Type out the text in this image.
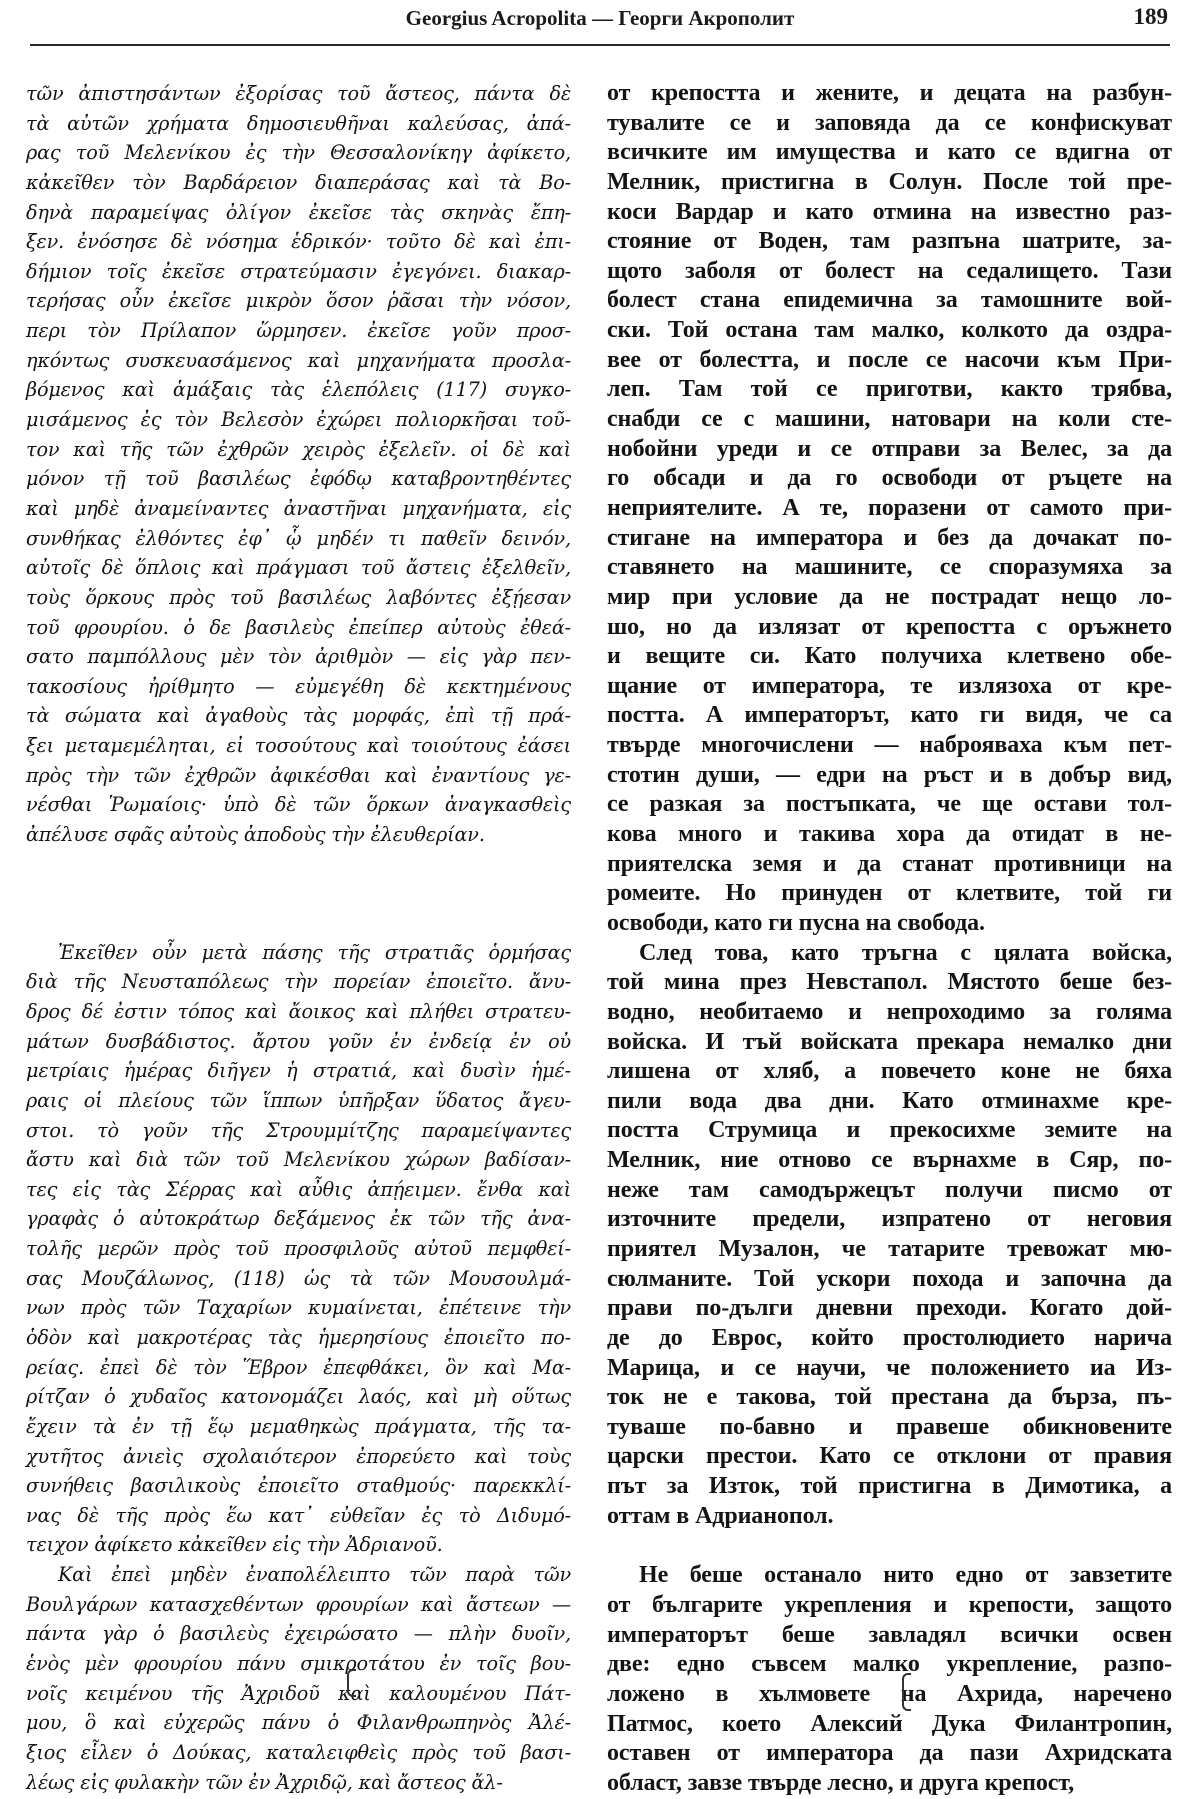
Georgius Acropolita — Георги Акрополит	189
τῶν ἀπιστησάντων ἐξορίσας τοῦ ἄστεος, πάντα δὲ
τὰ αὐτῶν χρήματα δημοσιευθῆναι καλεύσας, ἀπά-
ρας τοῦ Μελενίκου ἐς τὴν Θεσσαλονίκηγ ἀφίκετο,
κἀκεῖθεν τὸν Βαρδάρειον διαπεράσας καὶ τὰ Βο-
δηνὰ παραμείψας ὀλίγον ἐκεῖσε τὰς σκηνὰς ἔπη-
ξεν. ἐνόσησε δὲ νόσημα ἑδρικόν· τοῦτο δὲ καὶ ἐπι-
δήμιον τοῖς ἐκεῖσε στρατεύμασιν ἐγεγόνει. διακαρ-
τερήσας οὖν ἐκεῖσε μικρὸν ὅσον ῥᾶσαι τὴν νόσον,
περι τὸν Πρίλαπον ὥρμησεν. ἐκεῖσε γοῦν προσ-
ηκόντως συσκευασάμενος καὶ μηχανήματα προσλα-
βόμενος καὶ ἁμάξαις τὰς ἑλεπόλεις (117) συγκο-
μισάμενος ἐς τὸν Βελεσὸν ἐχώρει πολιορκῆσαι τοῦ-
τον καὶ τῆς τῶν ἐχθρῶν χειρὸς ἐξελεῖν. οἱ δὲ καὶ
μόνον τῇ τοῦ βασιλέως ἐφόδῳ καταβροντηθέντες
καὶ μηδὲ ἀναμείναντες ἀναστῆναι μηχανήματα, εἰς
συνθήκας ἐλθόντες ἐφ᾿ ᾧ μηδέν τι παθεῖν δεινόν,
αὐτοῖς δὲ ὅπλοις καὶ πράγμασι τοῦ ἄστεις ἐξελθεῖν,
τοὺς ὅρκους πρὸς τοῦ βασιλέως λαβόντες ἐξῄεσαν
τοῦ φρουρίου. ὁ δε βασιλεὺς ἐπείπερ αὐτοὺς ἐθεά-
σατο παμπόλλους μὲν τὸν ἀριθμὸν — εἰς γὰρ πεν-
τακοσίους ἠρίθμητο — εὐμεγέθη δὲ κεκτημένους
τὰ σώματα καὶ ἀγαθοὺς τὰς μορφάς, ἐπὶ τῇ πρά-
ξει μεταμεμέληται, εἰ τοσούτους καὶ τοιούτους ἐάσει
πρὸς τὴν τῶν ἐχθρῶν ἀφικέσθαι καὶ ἐναντίους γε-
νέσθαι Ῥωμαίοις· ὑπὸ δὲ τῶν ὅρκων ἀναγκασθεὶς
ἀπέλυσε σφᾶς αὐτοὺς ἀποδοὺς τὴν ἐλευθερίαν.
Ἐκεῖθεν οὖν μετὰ πάσης τῆς στρατιᾶς ὁρμήσας
διὰ τῆς Νευσταπόλεως τὴν πορείαν ἐποιεῖτο. ἄνυ-
δρος δέ ἐστιν τόπος καὶ ἄοικος καὶ πλήθει στρατευ-
μάτων δυσβάδιστος. ἄρτου γοῦν ἐν ἐνδείᾳ ἐν οὐ
μετρίαις ἡμέρας διῆγεν ἡ στρατιά, καὶ δυσὶν ἡμέ-
ραις οἱ πλείους τῶν ἵππων ὑπῆρξαν ὕδατος ἄγευ-
στοι. τὸ γοῦν τῆς Στρουμμίτζης παραμείψαντες
ἄστυ καὶ διὰ τῶν τοῦ Μελενίκου χώρων βαδίσαν-
τες εἰς τὰς Σέρρας καὶ αὖθις ἀπῄειμεν. ἔνθα καὶ
γραφὰς ὁ αὐτοκράτωρ δεξάμενος ἐκ τῶν τῆς ἀνα-
τολῆς μερῶν πρὸς τοῦ προσφιλοῦς αὐτοῦ πεμφθεί-
σας Μουζάλωνος, (118) ὡς τὰ τῶν Μουσουλμά-
νων πρὸς τῶν Ταχαρίων κυμαίνεται, ἐπέτεινε τὴν
ὁδὸν καὶ μακροτέρας τὰς ἡμερησίους ἐποιεῖτο πο-
ρείας. ἐπεὶ δὲ τὸν Ἕβρον ἐπεφθάκει, ὃν καὶ Μα-
ρίτζαν ὁ χυδαῖος κατονομάζει λαός, καὶ μὴ οὕτως
ἔχειν τὰ ἐν τῇ ἕῳ μεμαθηκὼς πράγματα, τῆς τα-
χυτῆτος ἀνιεὶς σχολαιότερον ἐπορεύετο καὶ τοὺς
συνήθεις βασιλικοὺς ἐποιεῖτο σταθμούς· παρεκκλί-
νας δὲ τῆς πρὸς ἕω κατ᾿ εὐθεῖαν ἐς τὸ Διδυμό-
τειχον ἀφίκετο κἀκεῖθεν εἰς τὴν Ἀδριανοῦ.
Καὶ ἐπεὶ μηδὲν ἐναπολέλειπτο τῶν παρὰ τῶν
Βουλγάρων κατασχεθέντων φρουρίων καὶ ἄστεων —
πάντα γὰρ ὁ βασιλεὺς ἐχειρώσατο — πλὴν δυοῖν,
ἑνὸς μὲν φρουρίου πάνυ σμικροτάτου ἐν τοῖς βου-
νοῖς κειμένου τῆς Ἀχριδοῦ καὶ καλουμένου Πάτ-
μου, ὃ καὶ εὐχερῶς πάνυ ὁ Φιλανθρωπηνὸς Ἀλέ-
ξιος εἷλεν ὁ Δούκας, καταλειφθεὶς πρὸς τοῦ βασι-
λέως εἰς φυλακὴν τῶν ἐν Ἀχριδῷ, καὶ ἄστεος ἄλ-
от крепостта и жените, и децата на разбун-
тувалите се и заповяда да се конфискуват
всичките им имущества и като се вдигна от
Мелник, пристигна в Солун. После той пре-
коси Вардар и като отмина на известно раз-
стояние от Воден, там разпъна шатрите, за-
щото заболя от болест на седалището. Тази
болест стана епидемична за тамошните вой-
ски. Той остана там малко, колкото да оздра-
вее от болестта, и после се насочи към При-
леп. Там той се приготви, както трябва,
снабди се с машини, натовари на коли сте-
нобойни уреди и се отправи за Велес, за да
го обсади и да го освободи от ръцете на
неприятелите. А те, поразени от самото при-
стигане на императора и без да дочакат по-
ставянето на машините, се споразумяха за
мир при условие да не пострадат нещо ло-
шо, но да излязат от крепостта с оръжнето
и вещите си. Като получиха клетвено обе-
щание от императора, те излязоха от кре-
постта. А императорът, като ги видя, че са
твърде многочислени — наброяваха към пет-
стотин души, — едри на ръст и в добър вид,
се разкая за постъпката, че ще остави тол-
кова много и такива хора да отидат в не-
приятелска земя и да станат противници на
ромеите. Но принуден от клетвите, той ги
освободи, като ги пусна на свобода.
След това, като тръгна с цялата войска,
той мина през Невстапол. Мястото беше без-
водно, необитаемо и непроходимо за голяма
войска. И тъй войската прекара немалко дни
лишена от хляб, а повечето коне не бяха
пили вода два дни. Като отминахме кре-
постта Струмица и прекосихме земите на
Мелник, ние отново се върнахме в Сяр, по-
неже там самодържецът получи писмо от
източните предели, изпратено от неговия
приятел Музалон, че татарите тревожат мю-
сюлманите. Той ускори похода и започна да
прави по-дълги дневни преходи. Когато дой-
де до Еврос, който простолюдието нарича
Марица, и се научи, че положението иа Из-
ток не е такова, той престана да бърза, пъ-
туваше по-бавно и правеше обикновените
царски престои. Като се отклони от правия
път за Изток, той пристигна в Димотика, а
оттам в Адрианопол.
Не беше останало нито едно от завзетите
от българите укрепления и крепости, защото
императорът беше завладял всички освен
две: едно съвсем малко укрепление, разпо-
ложено в хълмовете на Ахрида, наречено
Патмос, което Алексий Дука Филантропин,
оставен от императора да пази Ахридската
област, завзе твърде лесно, и друга крепост,
